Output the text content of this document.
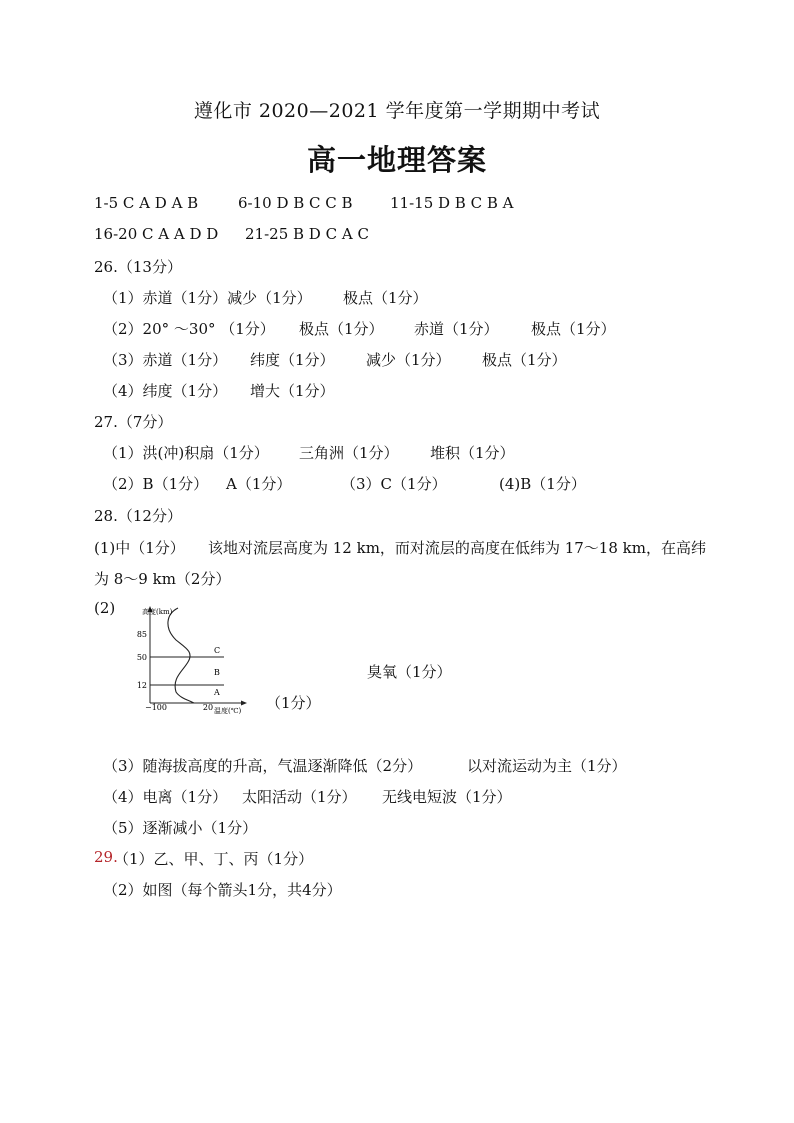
遵化市 2020—2021 学年度第一学期期中考试
高一地理答案
1-5 C A D A B	6-10 D B C C B 11-15 D B C B A
16-20 C A A D D 21-25 B D C A C
26.（13分）
（1）赤道（1分）减少（1分） 极点（1分）
（2）20° ～30° （1分） 极点（1分） 赤道（1分） 极点（1分）
（3）赤道（1分） 纬度（1分） 减少（1分） 极点（1分）
（4）纬度（1分） 增大（1分）
27.（7分）
（1）洪(冲)积扇（1分） 三角洲（1分） 堆积（1分）
（2）B（1分） A（1分）	（3）C（1分）	(4)B（1分）
28.（12分）
(1)中（1分） 该地对流层高度为 12 km，而对流层的高度在低纬为 17～18 km，在高纬
为 8～9 km（2分）
(2)
85
50
12
−100	20
高度(km)
温度(℃)
C
B
A
（1分）
臭氧（1分）
（3）随海拔高度的升高，气温逐渐降低（2分）	以对流运动为主（1分）
（4）电离（1分） 太阳活动（1分） 无线电短波（1分）
（5）逐渐减小（1分）
29.
（1）乙、甲、丁、丙（1分）
（2）如图（每个箭头1分，共4分）
